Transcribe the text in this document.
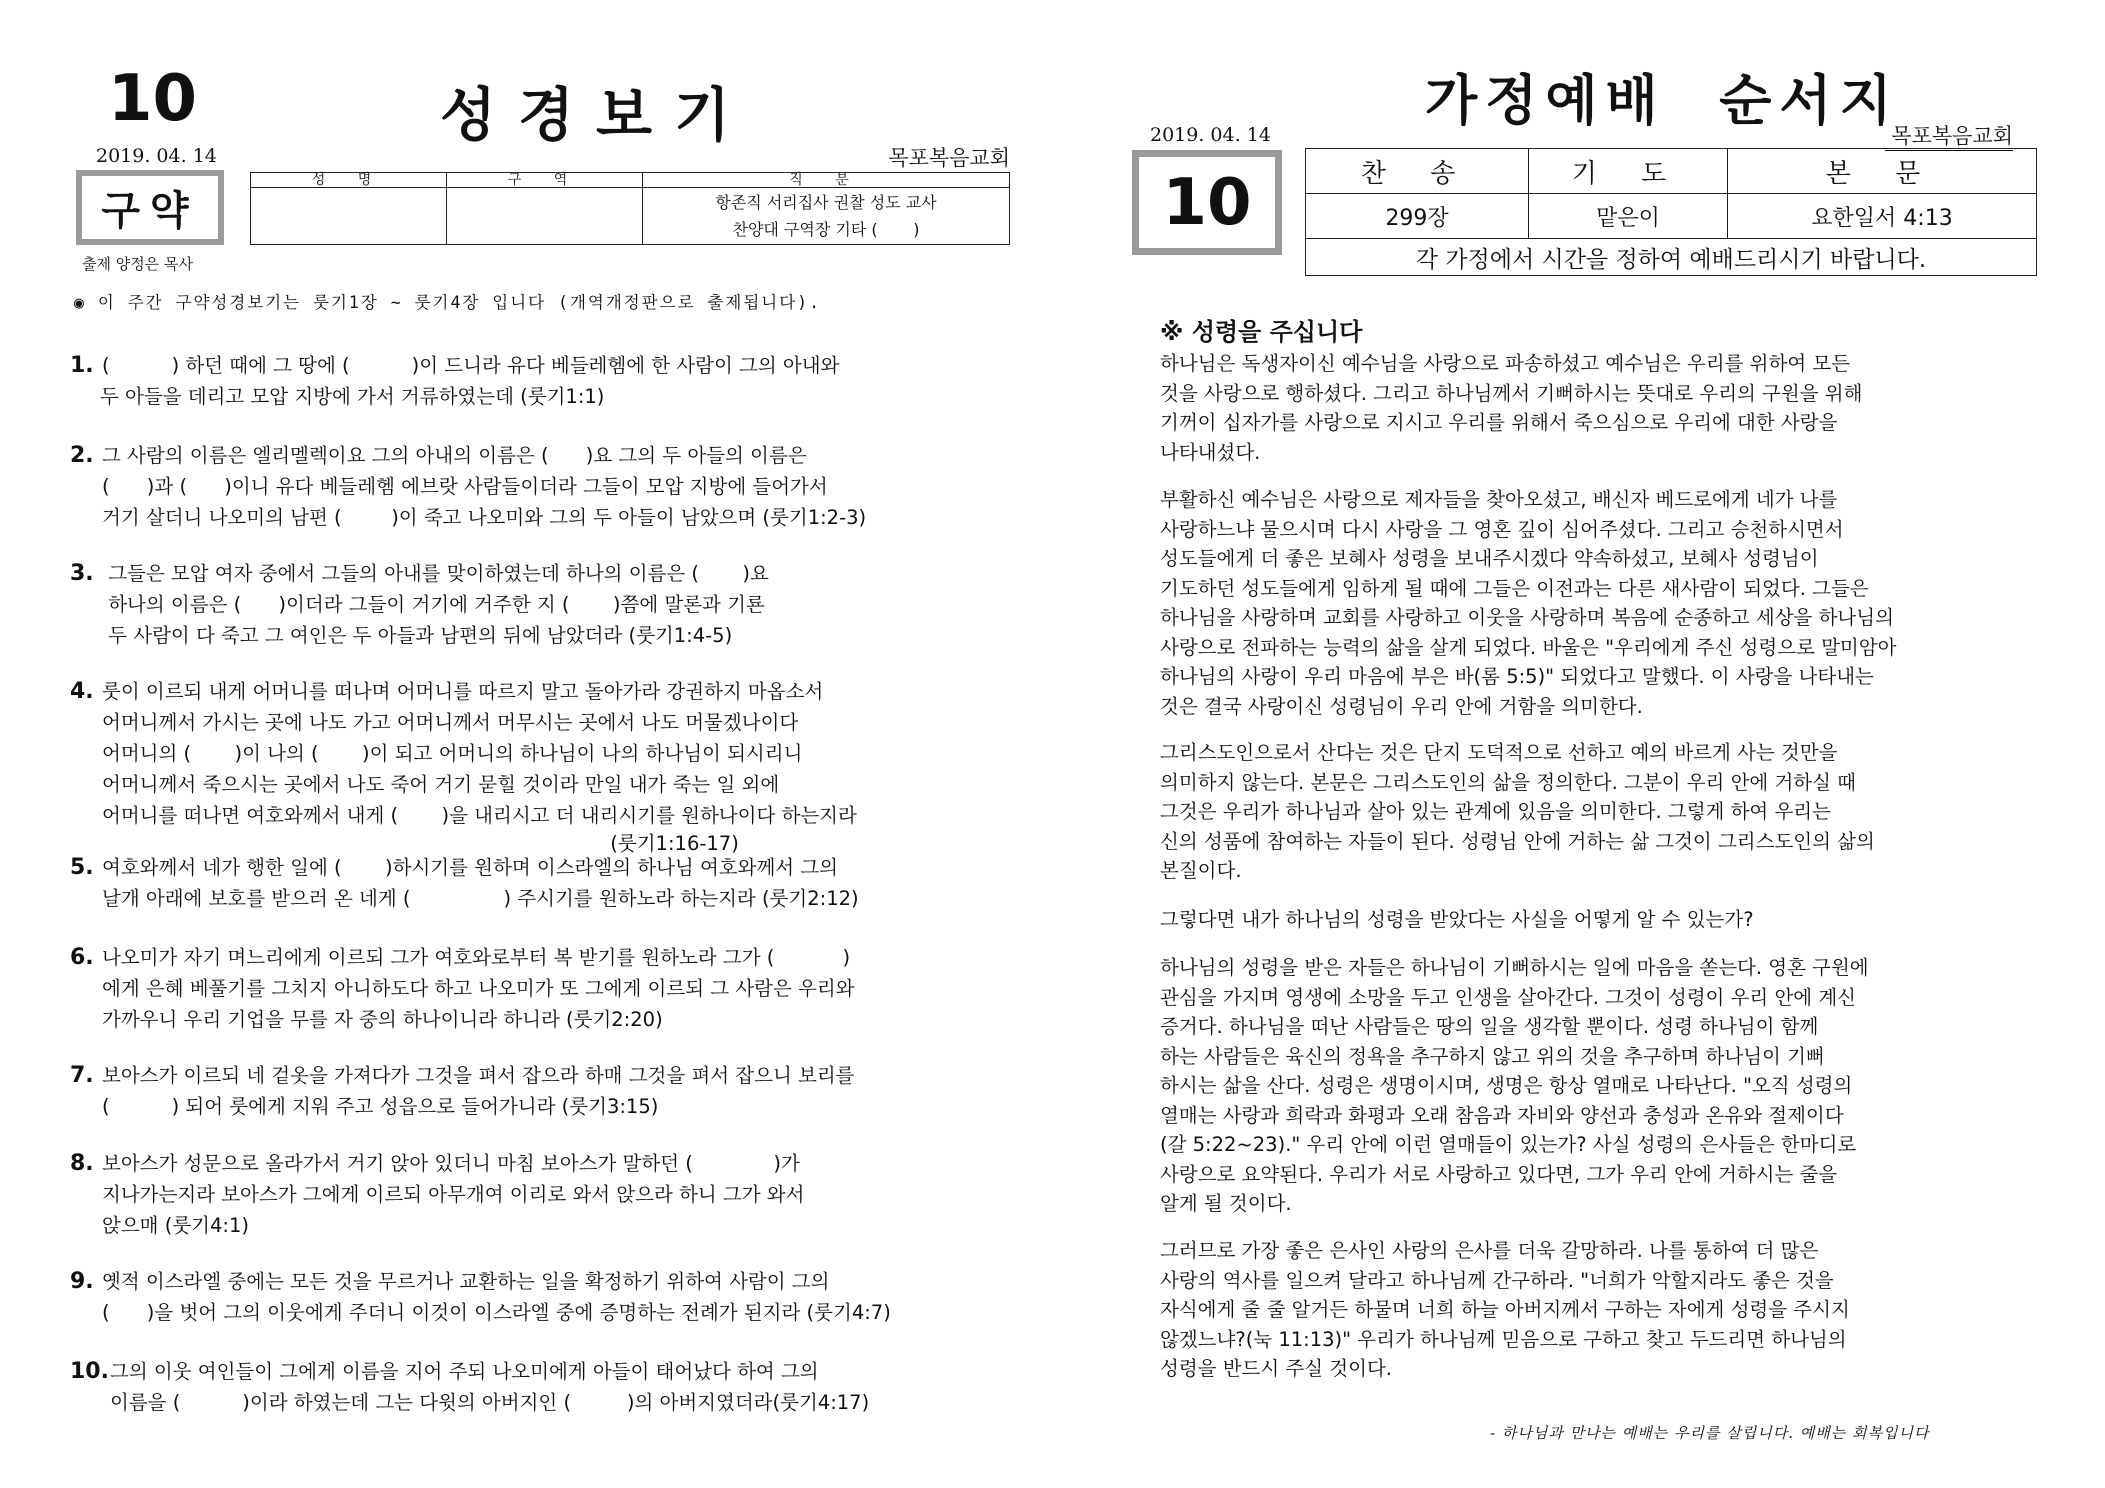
10	성경보기
2019. 04. 14	목포복음교회
구약
출제 양정은 목사
성 명	구 역	직 분

		항존직 서리집사 권찰 성도 교사
찬양대 구역장 기타 (       )
◉ 이 주간 구약성경보기는 룻기1장 ~ 룻기4장 입니다 (개역개정판으로 출제됩니다).
1. (          ) 하던 때에 그 땅에 (          )이 드니라 유다 베들레헴에 한 사람이 그의 아내와
두 아들을 데리고 모압 지방에 가서 거류하였는데 (룻기1:1)
2. 그 사람의 이름은 엘리멜렉이요 그의 아내의 이름은 (      )요 그의 두 아들의 이름은
(      )과 (      )이니 유다 베들레헴 에브랏 사람들이더라 그들이 모압 지방에 들어가서
거기 살더니 나오미의 남편 (        )이 죽고 나오미와 그의 두 아들이 남았으며 (룻기1:2-3)
3. 그들은 모압 여자 중에서 그들의 아내를 맞이하였는데 하나의 이름은 (       )요
하나의 이름은 (      )이더라 그들이 거기에 거주한 지 (       )쯤에 말론과 기룐
두 사람이 다 죽고 그 여인은 두 아들과 남편의 뒤에 남았더라 (룻기1:4-5)
4. 룻이 이르되 내게 어머니를 떠나며 어머니를 따르지 말고 돌아가라 강권하지 마옵소서
어머니께서 가시는 곳에 나도 가고 어머니께서 머무시는 곳에서 나도 머물겠나이다
어머니의 (       )이 나의 (       )이 되고 어머니의 하나님이 나의 하나님이 되시리니
어머니께서 죽으시는 곳에서 나도 죽어 거기 묻힐 것이라 만일 내가 죽는 일 외에
어머니를 떠나면 여호와께서 내게 (       )을 내리시고 더 내리시기를 원하나이다 하는지라
(룻기1:16-17)
5. 여호와께서 네가 행한 일에 (       )하시기를 원하며 이스라엘의 하나님 여호와께서 그의
날개 아래에 보호를 받으러 온 네게 (               ) 주시기를 원하노라 하는지라 (룻기2:12)
6. 나오미가 자기 며느리에게 이르되 그가 여호와로부터 복 받기를 원하노라 그가 (           )
에게 은혜 베풀기를 그치지 아니하도다 하고 나오미가 또 그에게 이르되 그 사람은 우리와
가까우니 우리 기업을 무를 자 중의 하나이니라 하니라 (룻기2:20)
7. 보아스가 이르되 네 겉옷을 가져다가 그것을 펴서 잡으라 하매 그것을 펴서 잡으니 보리를
(          ) 되어 룻에게 지워 주고 성읍으로 들어가니라 (룻기3:15)
8. 보아스가 성문으로 올라가서 거기 앉아 있더니 마침 보아스가 말하던 (             )가
지나가는지라 보아스가 그에게 이르되 아무개여 이리로 와서 앉으라 하니 그가 와서
앉으매 (룻기4:1)
9. 옛적 이스라엘 중에는 모든 것을 무르거나 교환하는 일을 확정하기 위하여 사람이 그의
(      )을 벗어 그의 이웃에게 주더니 이것이 이스라엘 중에 증명하는 전례가 된지라 (룻기4:7)
10. 그의 이웃 여인들이 그에게 이름을 지어 주되 나오미에게 아들이 태어났다 하여 그의
이름을 (          )이라 하였는데 그는 다윗의 아버지인 (         )의 아버지였더라(룻기4:17)
가정예배  순서지
2019. 04. 14	목포복음교회
10	찬 송	기 도	본 문
299장	맡은이	요한일서 4:13
각 가정에서 시간을 정하여 예배드리시기 바랍니다.		
※ 성령을 주십니다
하나님은 독생자이신 예수님을 사랑으로 파송하셨고 예수님은 우리를 위하여 모든
것을 사랑으로 행하셨다. 그리고 하나님께서 기뻐하시는 뜻대로 우리의 구원을 위해
기꺼이 십자가를 사랑으로 지시고 우리를 위해서 죽으심으로 우리에 대한 사랑을
나타내셨다.
부활하신 예수님은 사랑으로 제자들을 찾아오셨고, 배신자 베드로에게 네가 나를
사랑하느냐 물으시며 다시 사랑을 그 영혼 깊이 심어주셨다. 그리고 승천하시면서
성도들에게 더 좋은 보혜사 성령을 보내주시겠다 약속하셨고, 보혜사 성령님이
기도하던 성도들에게 임하게 될 때에 그들은 이전과는 다른 새사람이 되었다. 그들은
하나님을 사랑하며 교회를 사랑하고 이웃을 사랑하며 복음에 순종하고 세상을 하나님의
사랑으로 전파하는 능력의 삶을 살게 되었다. 바울은 "우리에게 주신 성령으로 말미암아
하나님의 사랑이 우리 마음에 부은 바(롬 5:5)" 되었다고 말했다. 이 사랑을 나타내는
것은 결국 사랑이신 성령님이 우리 안에 거함을 의미한다.
그리스도인으로서 산다는 것은 단지 도덕적으로 선하고 예의 바르게 사는 것만을
의미하지 않는다. 본문은 그리스도인의 삶을 정의한다. 그분이 우리 안에 거하실 때
그것은 우리가 하나님과 살아 있는 관계에 있음을 의미한다. 그렇게 하여 우리는
신의 성품에 참여하는 자들이 된다. 성령님 안에 거하는 삶 그것이 그리스도인의 삶의
본질이다.
그렇다면 내가 하나님의 성령을 받았다는 사실을 어떻게 알 수 있는가?
하나님의 성령을 받은 자들은 하나님이 기뻐하시는 일에 마음을 쏟는다. 영혼 구원에
관심을 가지며 영생에 소망을 두고 인생을 살아간다. 그것이 성령이 우리 안에 계신
증거다. 하나님을 떠난 사람들은 땅의 일을 생각할 뿐이다. 성령 하나님이 함께
하는 사람들은 육신의 정욕을 추구하지 않고 위의 것을 추구하며 하나님이 기뻐
하시는 삶을 산다. 성령은 생명이시며, 생명은 항상 열매로 나타난다. "오직 성령의
열매는 사랑과 희락과 화평과 오래 참음과 자비와 양선과 충성과 온유와 절제이다
(갈 5:22~23)." 우리 안에 이런 열매들이 있는가? 사실 성령의 은사들은 한마디로
사랑으로 요약된다. 우리가 서로 사랑하고 있다면, 그가 우리 안에 거하시는 줄을
알게 될 것이다.
그러므로 가장 좋은 은사인 사랑의 은사를 더욱 갈망하라. 나를 통하여 더 많은
사랑의 역사를 일으켜 달라고 하나님께 간구하라. "너희가 악할지라도 좋은 것을
자식에게 줄 줄 알거든 하물며 너희 하늘 아버지께서 구하는 자에게 성령을 주시지
않겠느냐?(눅 11:13)" 우리가 하나님께 믿음으로 구하고 찾고 두드리면 하나님의
성령을 반드시 주실 것이다.
- 하나님과 만나는 예배는 우리를 살립니다. 예배는 회복입니다
